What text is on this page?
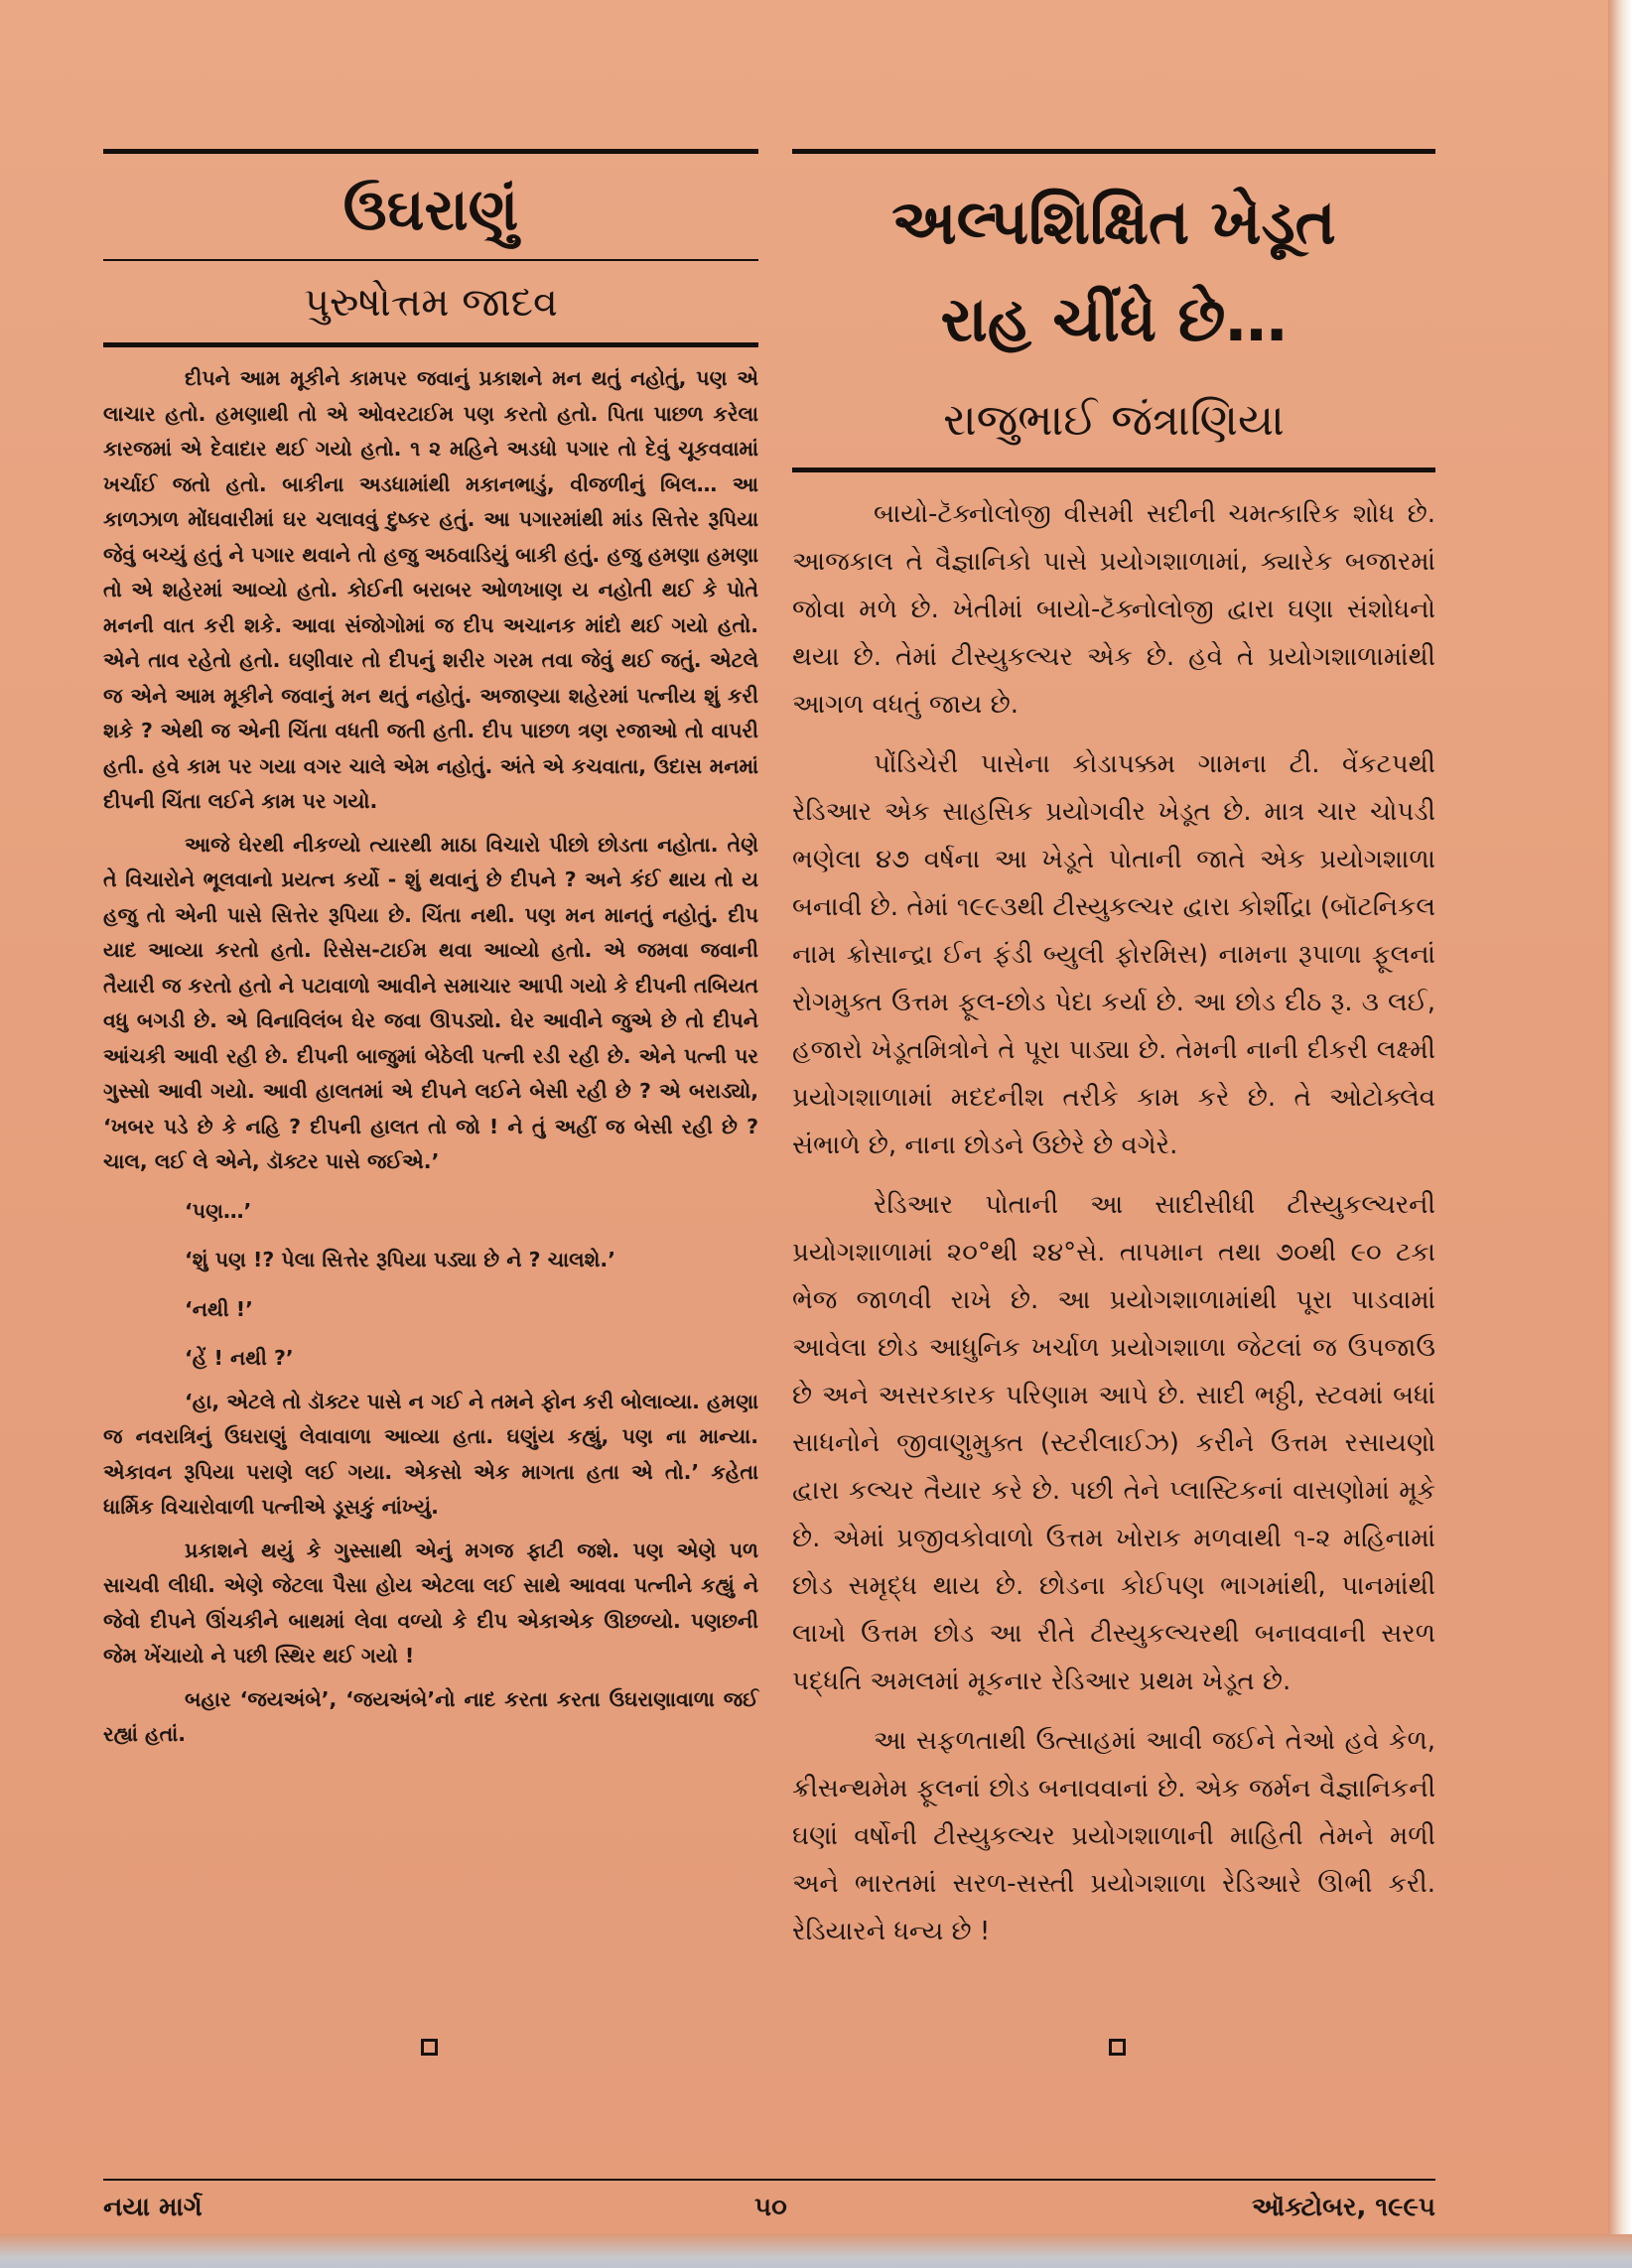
ઉઘરાણું
પુરુષોત્તમ જાદવ

દીપને આમ મૂકીને કામપર જવાનું પ્રકાશને મન થતું નહોતું, પણ એ લાચાર હતો. હમણાથી તો એ ઓવરટાઈમ પણ કરતો હતો. પિતા પાછળ કરેલા કારજમાં એ દેવાદાર થઈ ગયો હતો. ૧ ૨ મહિને અડધો પગાર તો દેવું ચૂકવવામાં ખર્ચાઈ જતો હતો. બાકીના અડધામાંથી મકાનભાડું, વીજળીનું બિલ… આ કાળઝાળ મોંઘવારીમાં ઘર ચલાવવું દુષ્કર હતું. આ પગારમાંથી માંડ સિત્તેર રૂપિયા જેવું બચ્યું હતું ને પગાર થવાને તો હજુ અઠવાડિયું બાકી હતું. હજુ હમણા હમણા તો એ શહેરમાં આવ્યો હતો. કોઈની બરાબર ઓળખાણ ય નહોતી થઈ કે પોતે મનની વાત કરી શકે. આવા સંજોગોમાં જ દીપ અચાનક માંદો થઈ ગયો હતો. એને તાવ રહેતો હતો. ઘણીવાર તો દીપનું શરીર ગરમ તવા જેવું થઈ જતું. એટલે જ એને આમ મૂકીને જવાનું મન થતું નહોતું. અજાણ્યા શહેરમાં પત્નીય શું કરી શકે ? એથી જ એની ચિંતા વધતી જતી હતી. દીપ પાછળ ત્રણ રજાઓ તો વાપરી હતી. હવે કામ પર ગયા વગર ચાલે એમ નહોતું. અંતે એ કચવાતા, ઉદાસ મનમાં દીપની ચિંતા લઈને કામ પર ગયો.

આજે ઘેરથી નીકળ્યો ત્યારથી માઠા વિચારો પીછો છોડતા નહોતા. તેણે તે વિચારોને ભૂલવાનો પ્રયત્ન કર્યો - શું થવાનું છે દીપને ? અને કંઈ થાય તો ય હજુ તો એની પાસે સિત્તેર રૂપિયા છે. ચિંતા નથી. પણ મન માનતું નહોતું. દીપ યાદ આવ્યા કરતો હતો. રિસેસ-ટાઈમ થવા આવ્યો હતો. એ જમવા જવાની તૈયારી જ કરતો હતો ને પટાવાળો આવીને સમાચાર આપી ગયો કે દીપની તબિયત વધુ બગડી છે. એ વિનાવિલંબ ઘેર જવા ઊપડ્યો. ઘેર આવીને જુએ છે તો દીપને આંચકી આવી રહી છે. દીપની બાજુમાં બેઠેલી પત્ની રડી રહી છે. એને પત્ની પર ગુસ્સો આવી ગયો. આવી હાલતમાં એ દીપને લઈને બેસી રહી છે ? એ બરાડ્યો, ‘ખબર પડે છે કે નહિ ? દીપની હાલત તો જો ! ને તું અહીં જ બેસી રહી છે ? ચાલ, લઈ લે એને, ડૉક્ટર પાસે જઈએ.’

‘પણ…’

‘શું પણ !? પેલા સિત્તેર રૂપિયા પડ્યા છે ને ? ચાલશે.’

‘નથી !’

‘હેં ! નથી ?’

‘હા, એટલે તો ડૉક્ટર પાસે ન ગઈ ને તમને ફોન કરી બોલાવ્યા. હમણા જ નવરાત્રિનું ઉઘરાણું લેવાવાળા આવ્યા હતા. ઘણુંય કહ્યું, પણ ના માન્યા. એકાવન રૂપિયા પરાણે લઈ ગયા. એકસો એક માગતા હતા એ તો.’ કહેતા ધાર્મિક વિચારોવાળી પત્નીએ ડૂસકું નાંખ્યું.

પ્રકાશને થયું કે ગુસ્સાથી એનું મગજ ફાટી જશે. પણ એણે પળ સાચવી લીધી. એણે જેટલા પૈસા હોય એટલા લઈ સાથે આવવા પત્નીને કહ્યું ને જેવો દીપને ઊંચકીને બાથમાં લેવા વળ્યો કે દીપ એકાએક ઊછળ્યો. પણછની જેમ ખેંચાયો ને પછી સ્થિર થઈ ગયો !

બહાર ‘જયઅંબે’, ‘જયઅંબે’નો નાદ કરતા કરતા ઉઘરાણાવાળા જઈ રહ્યાં હતાં.

અલ્પશિક્ષિત ખેડૂત
રાહ ચીંધે છે…
રાજુભાઈ જંત્રાણિયા

બાયો-ટૅક્નોલોજી વીસમી સદીની ચમત્કારિક શોધ છે. આજકાલ તે વૈજ્ઞાનિકો પાસે પ્રયોગશાળામાં, ક્યારેક બજારમાં જોવા મળે છે. ખેતીમાં બાયો-ટૅક્નોલોજી દ્વારા ઘણા સંશોધનો થયા છે. તેમાં ટીસ્યુકલ્ચર એક છે. હવે તે પ્રયોગશાળામાંથી આગળ વધતું જાય છે.

પોંડિચેરી પાસેના કોડાપક્કમ ગામના ટી. વેંકટપથી રેડિઆર એક સાહસિક પ્રયોગવીર ખેડૂત છે. માત્ર ચાર ચોપડી ભણેલા ૪૭ વર્ષના આ ખેડૂતે પોતાની જાતે એક પ્રયોગશાળા બનાવી છે. તેમાં ૧૯૯૩થી ટીસ્યુકલ્ચર દ્વારા કોર્શીદ્રા (બૉટનિકલ નામ ક્રોસાન્દ્રા ઈન ફંડી બ્યુલી ફોરમિસ) નામના રૂપાળા ફૂલનાં રોગમુક્ત ઉત્તમ ફૂલ-છોડ પેદા કર્યા છે. આ છોડ દીઠ રૂ. ૩ લઈ, હજારો ખેડૂતમિત્રોને તે પૂરા પાડ્યા છે. તેમની નાની દીકરી લક્ષ્મી પ્રયોગશાળામાં મદદનીશ તરીકે કામ કરે છે. તે ઓટોક્લેવ સંભાળે છે, નાના છોડને ઉછેરે છે વગેરે.

રેડિઆર પોતાની આ સાદીસીધી ટીસ્યુકલ્ચરની પ્રયોગશાળામાં ૨૦°થી ૨૪°સે. તાપમાન તથા ૭૦થી ૯૦ ટકા ભેજ જાળવી રાખે છે. આ પ્રયોગશાળામાંથી પૂરા પાડવામાં આવેલા છોડ આધુનિક ખર્ચાળ પ્રયોગશાળા જેટલાં જ ઉપજાઉ છે અને અસરકારક પરિણામ આપે છે. સાદી ભઠ્ઠી, સ્ટવમાં બધાં સાધનોને જીવાણુમુક્ત (સ્ટરીલાઈઝ) કરીને ઉત્તમ રસાયણો દ્વારા કલ્ચર તૈયાર કરે છે. પછી તેને પ્લાસ્ટિકનાં વાસણોમાં મૂકે છે. એમાં પ્રજીવકોવાળો ઉત્તમ ખોરાક મળવાથી ૧-૨ મહિનામાં છોડ સમૃદ્ધ થાય છે. છોડના કોઈપણ ભાગમાંથી, પાનમાંથી લાખો ઉત્તમ છોડ આ રીતે ટીસ્યુકલ્ચરથી બનાવવાની સરળ પદ્ધતિ અમલમાં મૂકનાર રેડિઆર પ્રથમ ખેડૂત છે.

આ સફળતાથી ઉત્સાહમાં આવી જઈને તેઓ હવે કેળ, ક્રીસન્થમેમ ફૂલનાં છોડ બનાવવાનાં છે. એક જર્મન વૈજ્ઞાનિકની ઘણાં વર્ષોની ટીસ્યુકલ્ચર પ્રયોગશાળાની માહિતી તેમને મળી અને ભારતમાં સરળ-સસ્તી પ્રયોગશાળા રેડિઆરે ઊભી કરી. રેડિયારને ધન્ય છે !

નયા માર્ગ	૫૦	ઑક્ટોબર, ૧૯૯૫
